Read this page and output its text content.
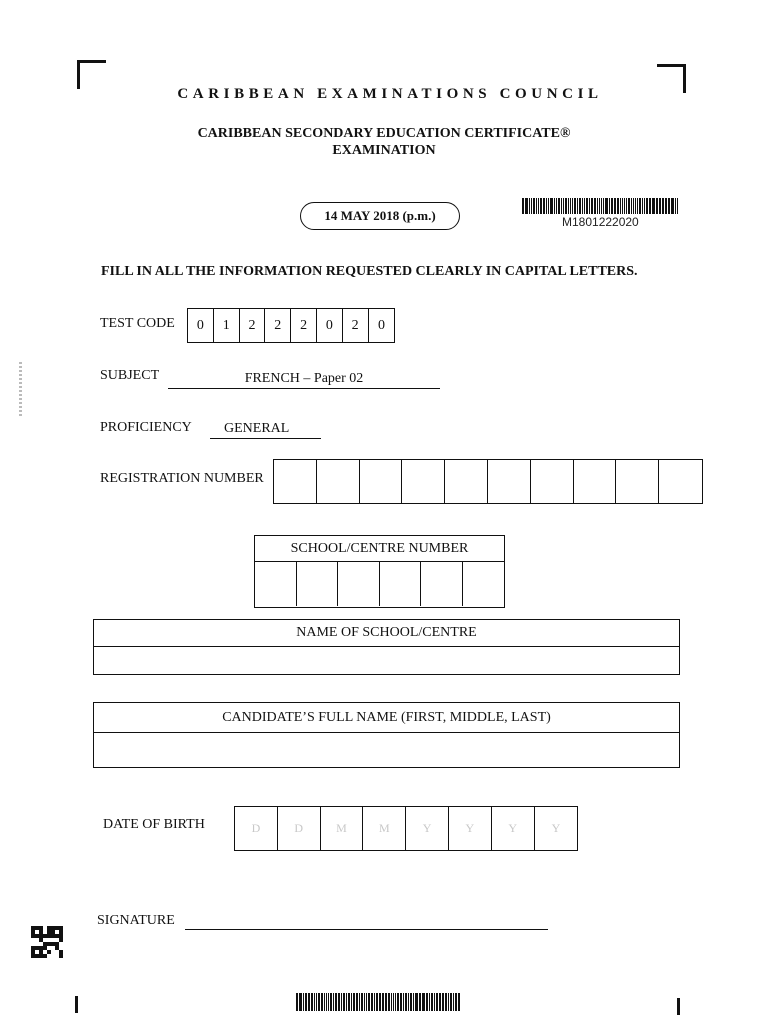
CARIBBEAN EXAMINATIONS COUNCIL
CARIBBEAN SECONDARY EDUCATION CERTIFICATE®
EXAMINATION
14 MAY 2018 (p.m.)	M1801222020
FILL IN ALL THE INFORMATION REQUESTED CLEARLY IN CAPITAL LETTERS.
TEST CODE	0	1	2	2	2	0	2	0
SUBJECT	FRENCH – Paper 02
PROFICIENCY	GENERAL
REGISTRATION NUMBER
SCHOOL/CENTRE NUMBER
NAME OF SCHOOL/CENTRE
CANDIDATE’S FULL NAME (FIRST, MIDDLE, LAST)
DATE OF BIRTH	D	D	M	M	Y	Y	Y	Y
SIGNATURE
